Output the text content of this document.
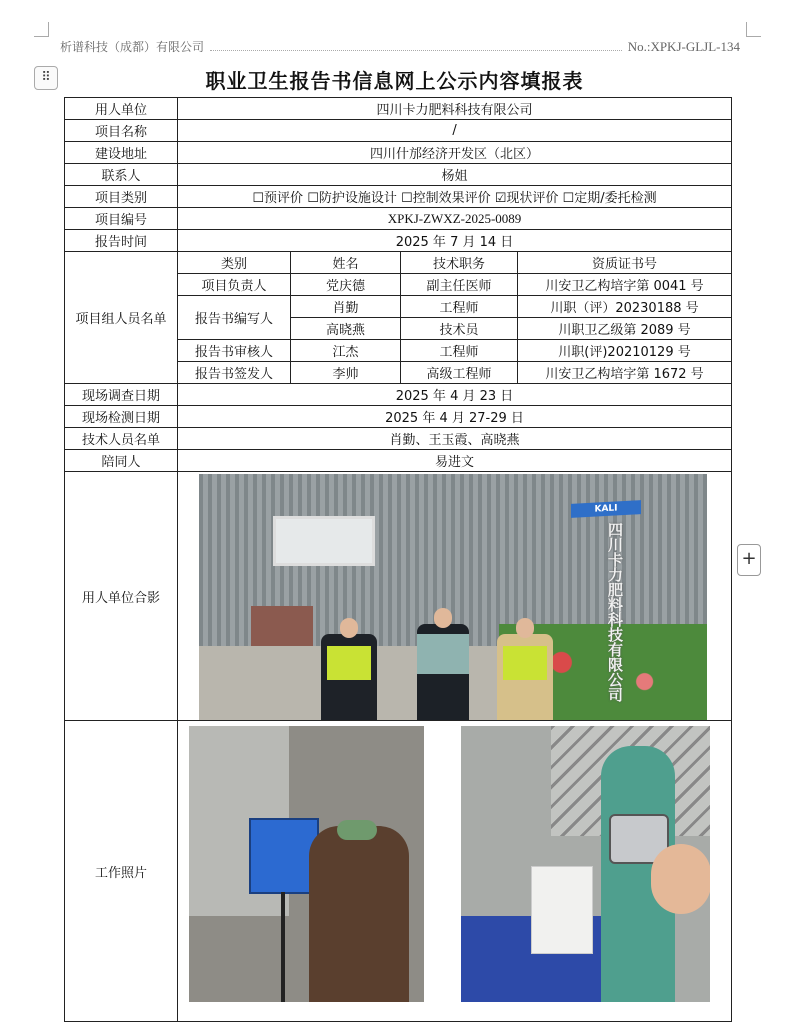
析谱科技（成都）有限公司	No.:XPKJ-GLJL-134
⠿
+
职业卫生报告书信息网上公示内容填报表
用人单位	四川卡力肥料科技有限公司			
项目名称	/			
建设地址	四川什邡经济开发区（北区）			
联系人	杨姐			
项目类别	☐预评价 ☐防护设施设计 ☐控制效果评价 ☑现状评价 ☐定期/委托检测			
项目编号	XPKJ-ZWXZ-2025-0089			
报告时间	2025 年 7 月 14 日			
项目组人员名单	类别	姓名	技术职务	资质证书号
	项目负责人	党庆德	副主任医师	川安卫乙构培字第 0041 号
	报告书编写人	肖勤	工程师	川职（评）20230188 号
		高晓燕	技术员	川职卫乙级第 2089 号
	报告书审核人	江杰	工程师	川职(评)20210129 号
	报告书签发人	李帅	高级工程师	川安卫乙构培字第 1672 号
现场调查日期	2025 年 4 月 23 日			
现场检测日期	2025 年 4 月 27-29 日			
技术人员名单	肖勤、王玉霞、高晓燕			
陪同人	易进文			
用人单位合影	KALI
四川卡力肥料科技有限公司			

工作照片				
